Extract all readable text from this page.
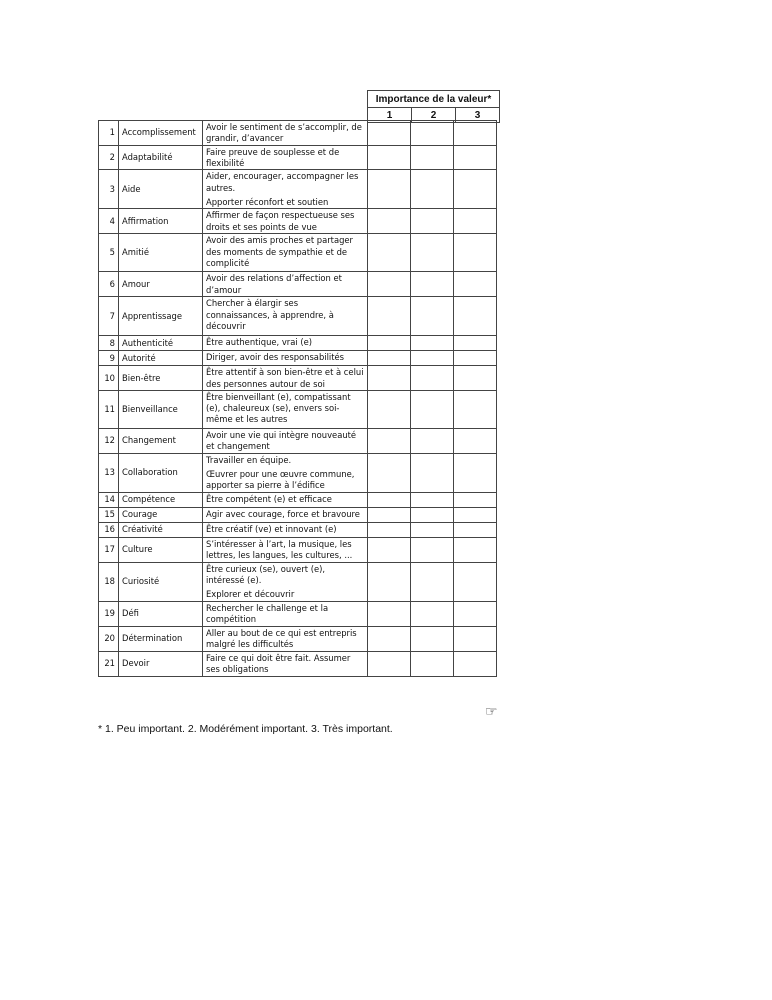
Importance de la valeur*
1	2	3
1	Accomplissement	Avoir le sentiment de s’accomplir, de grandir, d’avancer			

2	Adaptabilité	Faire preuve de souplesse et de flexibilité			

3	Aide	Aider, encourager, accompagner les autres.
Apporter réconfort et soutien			

4	Affirmation	Affirmer de façon respectueuse ses droits et ses points de vue			

5	Amitié	Avoir des amis proches et partager des moments de sympathie et de complicité			

6	Amour	Avoir des relations d’affection et d’amour			

7	Apprentissage	Chercher à élargir ses connaissances, à apprendre, à découvrir			

8	Authenticité	Être authentique, vrai (e)			

9	Autorité	Diriger, avoir des responsabilités			

10	Bien-être	Être attentif à son bien-être et à celui des personnes autour de soi			

11	Bienveillance	Être bienveillant (e), compatissant (e), chaleureux (se), envers soi-même et les autres			

12	Changement	Avoir une vie qui intègre nouveauté et changement			

13	Collaboration	Travailler en équipe.
Œuvrer pour une œuvre commune, apporter sa pierre à l’édifice			

14	Compétence	Être compétent (e) et efficace			

15	Courage	Agir avec courage, force et bravoure			

16	Créativité	Être créatif (ve) et innovant (e)			

17	Culture	S’intéresser à l’art, la musique, les lettres, les langues, les cultures, ...			

18	Curiosité	Être curieux (se), ouvert (e), intéressé (e).
Explorer et découvrir			

19	Défi	Rechercher le challenge et la compétition			

20	Détermination	Aller au bout de ce qui est entrepris malgré les difficultés			

21	Devoir	Faire ce qui doit être fait. Assumer ses obligations			

☞
* 1. Peu important. 2. Modérément important. 3. Très important.
